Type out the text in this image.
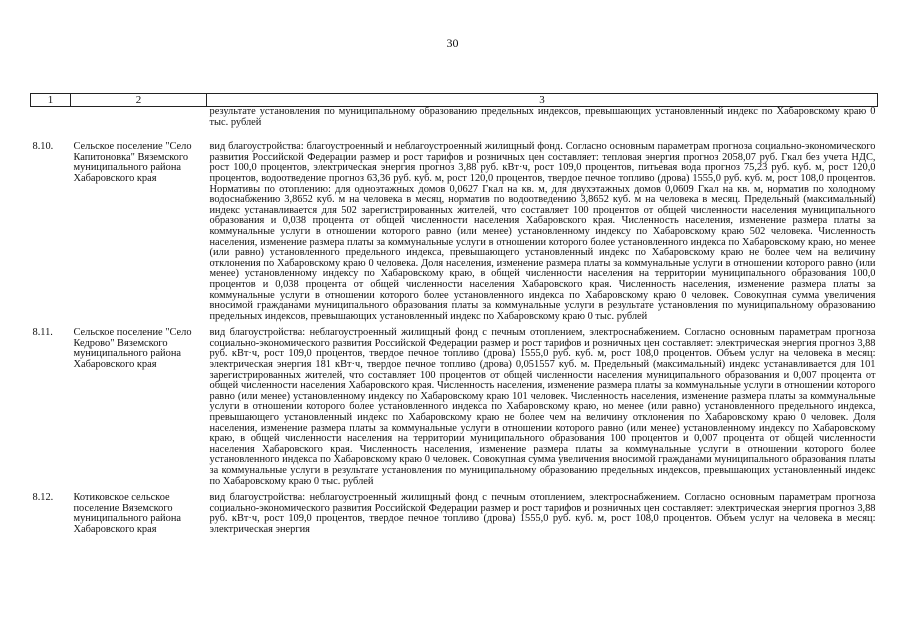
30
1	2	3
		результате установления по муниципальному образованию предельных индексов, превышающих установленный индекс по Хабаровскому краю 0 тыс. рублей
8.10.	Сельское поселение "Село Капитоновка" Вяземского муниципального района Хабаровского края	вид благоустройства: благоустроенный и неблагоустроенный жилищный фонд. Согласно основным параметрам прогноза социально-экономического развития Российской Федерации размер и рост тарифов и розничных цен составляет: тепловая энергия прогноз 2058,07 руб. Гкал без учета НДС, рост 100,0 процентов, электрическая энергия прогноз 3,88 руб. кВт·ч, рост 109,0 процентов, питьевая вода прогноз 75,23 руб. куб. м, рост 120,0 процентов, водоотведение прогноз 63,36 руб. куб. м, рост 120,0 процентов, твердое печное топливо (дрова) 1555,0 руб. куб. м, рост 108,0 процентов. Нормативы по отоплению: для одноэтажных домов 0,0627 Гкал на кв. м, для двухэтажных домов 0,0609 Гкал на кв. м, норматив по холодному водоснабжению 3,8652 куб. м на человека в месяц, норматив по водоотведению 3,8652 куб. м на человека в месяц. Предельный (максимальный) индекс устанавливается для 502 зарегистрированных жителей, что составляет 100 процентов от общей численности населения муниципального образования и 0,038 процента от общей численности населения Хабаровского края. Численность населения, изменение размера платы за коммунальные услуги в отношении которого равно (или менее) установленному индексу по Хабаровскому краю 502 человека. Численность населения, изменение размера платы за коммунальные услуги в отношении которого более установленного индекса по Хабаровскому краю, но менее (или равно) установленного предельного индекса, превышающего установленный индекс по Хабаровскому краю не более чем на величину отклонения по Хабаровскому краю 0 человека. Доля населения, изменение размера платы за коммунальные услуги в отношении которого равно (или менее) установленному индексу по Хабаровскому краю, в общей численности населения на территории муниципального образования 100,0 процентов и 0,038 процента от общей численности населения Хабаровского края. Численность населения, изменение размера платы за коммунальные услуги в отношении которого более установленного индекса по Хабаровскому краю 0 человек. Совокупная сумма увеличения вносимой гражданами муниципального образования платы за коммунальные услуги в результате установления по муниципальному образованию предельных индексов, превышающих установленный индекс по Хабаровскому краю 0 тыс. рублей
8.11.	Сельское поселение "Село Кедрово" Вяземского муниципального района Хабаровского края	вид благоустройства: неблагоустроенный жилищный фонд с печным отоплением, электроснабжением. Согласно основным параметрам прогноза социально-экономического развития Российской Федерации размер и рост тарифов и розничных цен составляет: электрическая энергия прогноз 3,88 руб. кВт·ч, рост 109,0 процентов, твердое печное топливо (дрова) 1555,0 руб. куб. м, рост 108,0 процентов. Объем услуг на человека в месяц: электрическая энергия 181 кВт·ч, твердое печное топливо (дрова) 0,051557 куб. м. Предельный (максимальный) индекс устанавливается для 101 зарегистрированных жителей, что составляет 100 процентов от общей численности населения муниципального образования и 0,007 процента от общей численности населения Хабаровского края. Численность населения, изменение размера платы за коммунальные услуги в отношении которого равно (или менее) установленному индексу по Хабаровскому краю 101 человек. Численность населения, изменение размера платы за коммунальные услуги в отношении которого более установленного индекса по Хабаровскому краю, но менее (или равно) установленного предельного индекса, превышающего установленный индекс по Хабаровскому краю не более чем на величину отклонения по Хабаровскому краю 0 человек. Доля населения, изменение размера платы за коммунальные услуги в отношении которого равно (или менее) установленному индексу по Хабаровскому краю, в общей численности населения на территории муниципального образования 100 процентов и 0,007 процента от общей численности населения Хабаровского края. Численность населения, изменение размера платы за коммунальные услуги в отношении которого более установленного индекса по Хабаровскому краю 0 человек. Совокупная сумма увеличения вносимой гражданами муниципального образования платы за коммунальные услуги в результате установления по муниципальному образованию предельных индексов, превышающих установленный индекс по Хабаровскому краю 0 тыс. рублей
8.12.	Котиковское сельское поселение Вяземского муниципального района Хабаровского края	вид благоустройства: неблагоустроенный жилищный фонд с печным отоплением, электроснабжением. Согласно основным параметрам прогноза социально-экономического развития Российской Федерации размер и рост тарифов и розничных цен составляет: электрическая энергия прогноз 3,88 руб. кВт·ч, рост 109,0 процентов, твердое печное топливо (дрова) 1555,0 руб. куб. м, рост 108,0 процентов. Объем услуг на человека в месяц: электрическая энергия
